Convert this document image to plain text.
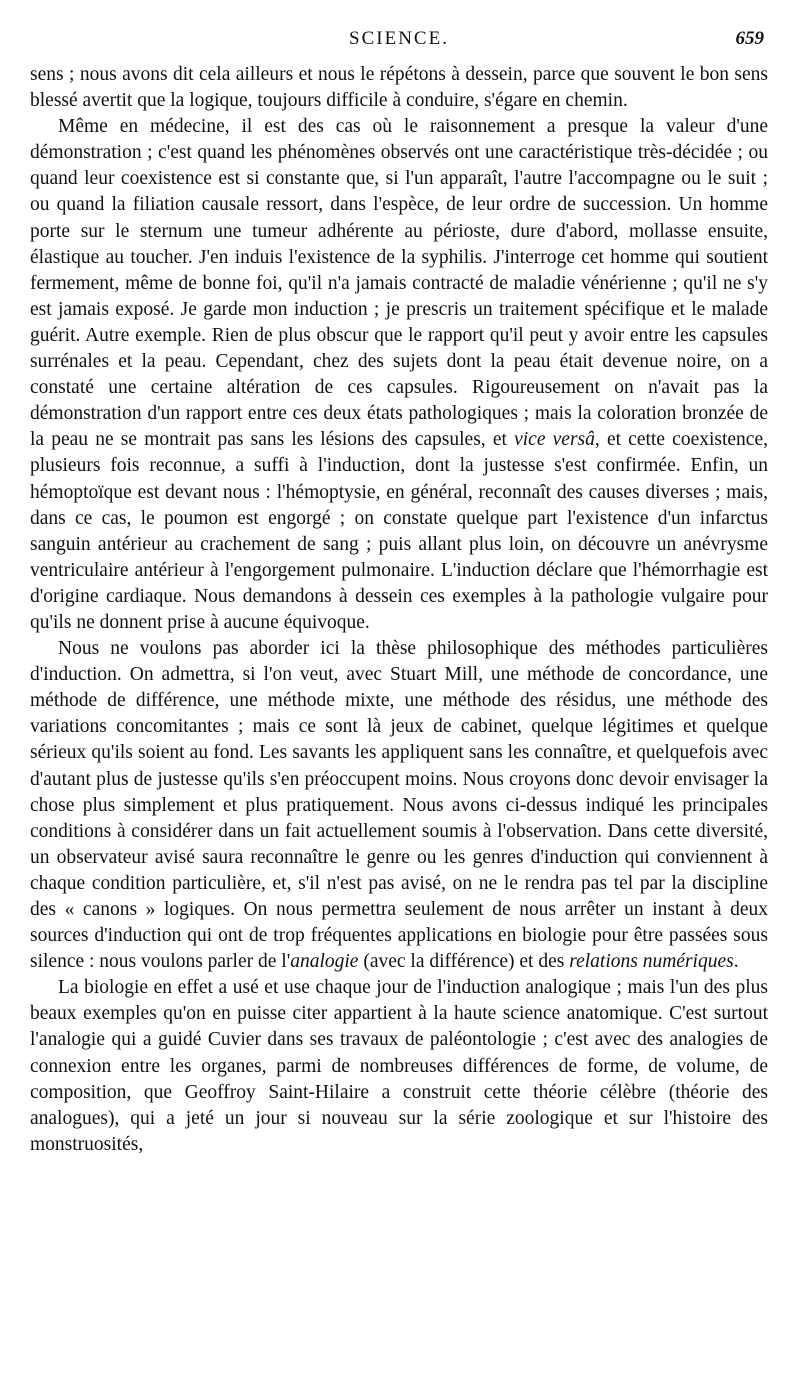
SCIENCE.	659

sens ; nous avons dit cela ailleurs et nous le répétons à dessein, parce que souvent le bon sens blessé avertit que la logique, toujours difficile à conduire, s'égare en chemin.

Même en médecine, il est des cas où le raisonnement a presque la valeur d'une démonstration ; c'est quand les phénomènes observés ont une caractéristique très-décidée ; ou quand leur coexistence est si constante que, si l'un apparaît, l'autre l'accompagne ou le suit ; ou quand la filiation causale ressort, dans l'espèce, de leur ordre de succession. Un homme porte sur le sternum une tumeur adhérente au périoste, dure d'abord, mollasse ensuite, élastique au toucher. J'en induis l'existence de la syphilis. J'interroge cet homme qui soutient fermement, même de bonne foi, qu'il n'a jamais contracté de maladie vénérienne ; qu'il ne s'y est jamais exposé. Je garde mon induction ; je prescris un traitement spécifique et le malade guérit. Autre exemple. Rien de plus obscur que le rapport qu'il peut y avoir entre les capsules surrénales et la peau. Cependant, chez des sujets dont la peau était devenue noire, on a constaté une certaine altération de ces capsules. Rigoureusement on n'avait pas la démonstration d'un rapport entre ces deux états pathologiques ; mais la coloration bronzée de la peau ne se montrait pas sans les lésions des capsules, et vice versâ, et cette coexistence, plusieurs fois reconnue, a suffi à l'induction, dont la justesse s'est confirmée. Enfin, un hémoptoïque est devant nous : l'hémoptysie, en général, reconnaît des causes diverses ; mais, dans ce cas, le poumon est engorgé ; on constate quelque part l'existence d'un infarctus sanguin antérieur au crachement de sang ; puis allant plus loin, on découvre un anévrysme ventriculaire antérieur à l'engorgement pulmonaire. L'induction déclare que l'hémorrhagie est d'origine cardiaque. Nous demandons à dessein ces exemples à la pathologie vulgaire pour qu'ils ne donnent prise à aucune équivoque.

Nous ne voulons pas aborder ici la thèse philosophique des méthodes particulières d'induction. On admettra, si l'on veut, avec Stuart Mill, une méthode de concordance, une méthode de différence, une méthode mixte, une méthode des résidus, une méthode des variations concomitantes ; mais ce sont là jeux de cabinet, quelque légitimes et quelque sérieux qu'ils soient au fond. Les savants les appliquent sans les connaître, et quelquefois avec d'autant plus de justesse qu'ils s'en préoccupent moins. Nous croyons donc devoir envisager la chose plus simplement et plus pratiquement. Nous avons ci-dessus indiqué les principales conditions à considérer dans un fait actuellement soumis à l'observation. Dans cette diversité, un observateur avisé saura reconnaître le genre ou les genres d'induction qui conviennent à chaque condition particulière, et, s'il n'est pas avisé, on ne le rendra pas tel par la discipline des « canons » logiques. On nous permettra seulement de nous arrêter un instant à deux sources d'induction qui ont de trop fréquentes applications en biologie pour être passées sous silence : nous voulons parler de l'analogie (avec la différence) et des relations numériques.

La biologie en effet a usé et use chaque jour de l'induction analogique ; mais l'un des plus beaux exemples qu'on en puisse citer appartient à la haute science anatomique. C'est surtout l'analogie qui a guidé Cuvier dans ses travaux de paléontologie ; c'est avec des analogies de connexion entre les organes, parmi de nombreuses différences de forme, de volume, de composition, que Geoffroy Saint-Hilaire a construit cette théorie célèbre (théorie des analogues), qui a jeté un jour si nouveau sur la série zoologique et sur l'histoire des monstruosités,
